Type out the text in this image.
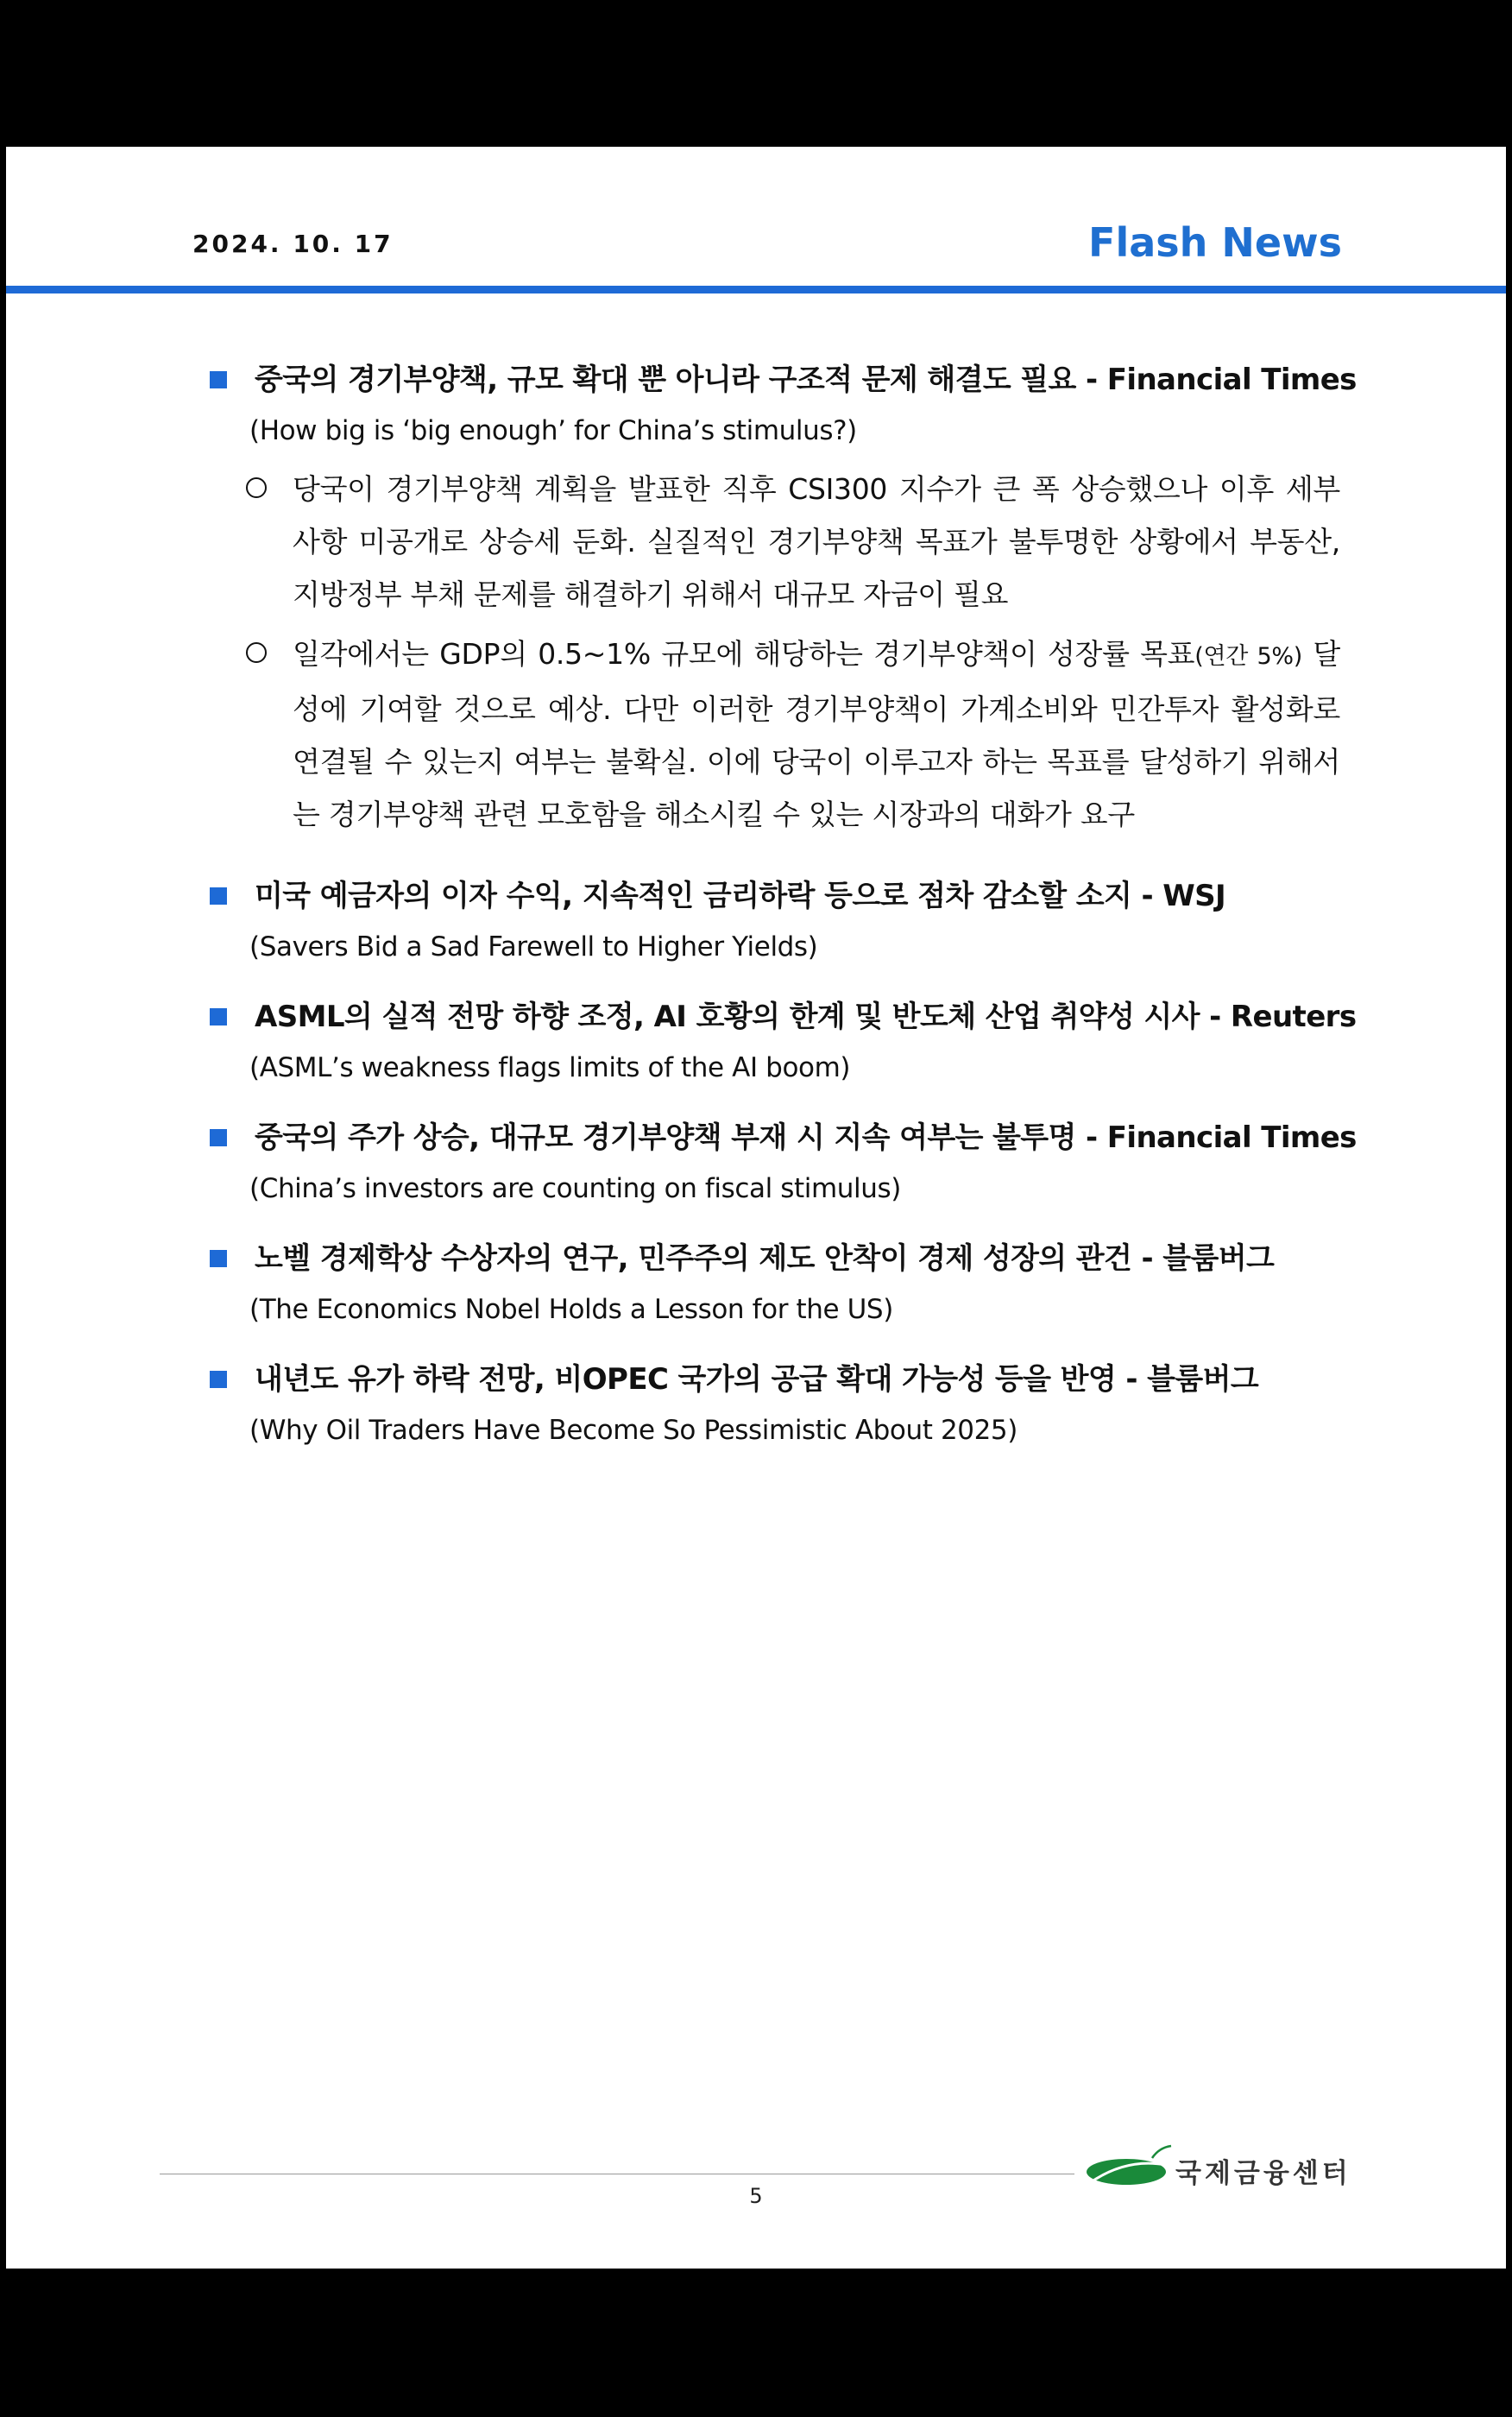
2024. 10. 17	Flash News
중국의 경기부양책, 규모 확대 뿐 아니라 구조적 문제 해결도 필요 - Financial Times
(How big is ‘big enough’ for China’s stimulus?)
당국이 경기부양책 계획을 발표한 직후 CSI300 지수가 큰 폭 상승했으나 이후 세부 사항 미공개로 상승세 둔화. 실질적인 경기부양책 목표가 불투명한 상황에서 부동산, 지방정부 부채 문제를 해결하기 위해서 대규모 자금이 필요
일각에서는 GDP의 0.5~1% 규모에 해당하는 경기부양책이 성장률 목표(연간 5%) 달성에 기여할 것으로 예상. 다만 이러한 경기부양책이 가계소비와 민간투자 활성화로 연결될 수 있는지 여부는 불확실. 이에 당국이 이루고자 하는 목표를 달성하기 위해서는 경기부양책 관련 모호함을 해소시킬 수 있는 시장과의 대화가 요구
미국 예금자의 이자 수익, 지속적인 금리하락 등으로 점차 감소할 소지 - WSJ
(Savers Bid a Sad Farewell to Higher Yields)
ASML의 실적 전망 하향 조정, AI 호황의 한계 및 반도체 산업 취약성 시사 - Reuters
(ASML’s weakness flags limits of the AI boom)
중국의 주가 상승, 대규모 경기부양책 부재 시 지속 여부는 불투명 - Financial Times
(China’s investors are counting on fiscal stimulus)
노벨 경제학상 수상자의 연구, 민주주의 제도 안착이 경제 성장의 관건 - 블룸버그
(The Economics Nobel Holds a Lesson for the US)
내년도 유가 하락 전망, 비OPEC 국가의 공급 확대 가능성 등을 반영 - 블룸버그
(Why Oil Traders Have Become So Pessimistic About 2025)
국제금융센터
5
